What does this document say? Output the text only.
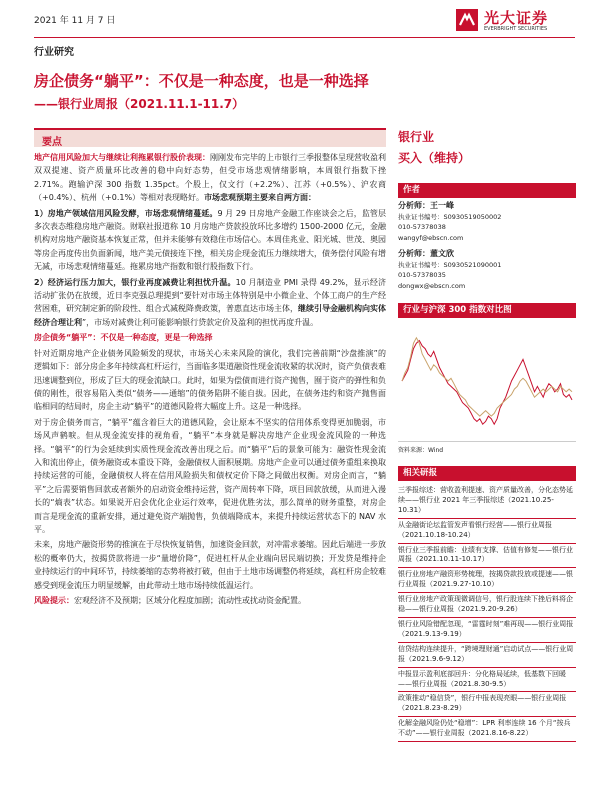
2021 年 11 月 7 日	光大证券
EVERBRIGHT SECURITIES
行业研究
房企债务“躺平”：不仅是一种态度，也是一种选择
——银行业周报（2021.11.1-11.7）
要点

地产信用风险加大与继续让利拖累银行股价表现：刚刚发布完毕的上市银行三季报整体呈现营收盈利双双提速、资产质量环比改善的稳中向好态势，但受市场悲观情绪影响，本周银行指数下挫 2.71%。跑输沪深 300 指数 1.35pct。个股上，仅文行（+2.2%）、江苏（+0.5%）、沪农商（+0.4%）、杭州（+0.1%）等相对表现略好。市场悲观预期主要来自两方面：

1）房地产领域信用风险发酵，市场悲观情绪蔓延。9 月 29 日房地产金融工作座谈会之后，监管层多次表态维稳房地产融资。财联社报道称 10 月房地产贷款投放环比多增约 1500-2000 亿元，金融机构对房地产融资基本恢复正常，但并未能够有效稳住市场信心。本周佳兆业、阳光城、世茂、奥园等房企再度传出负面新闻，地产美元债接连下挫，相关房企现金流压力继续增大，债务偿付风险有增无减，市场悲观情绪蔓延。拖累房地产指数和银行股指数下行。

2）经济运行压力加大，银行业再度减费让利担忧升温。10 月制造业 PMI 录得 49.2%，显示经济活动扩张仍在放缓，近日李克强总理提到“要针对市场主体特别是中小微企业、个体工商户的生产经营困难，研究制定新的阶段性、组合式减税降费政策，普惠直达市场主体，继续引导金融机构向实体经济合理让利”，市场对减费让利可能影响银行贷款定价及盈利的担忧再度升温。

房企债务“躺平”：不仅是一种态度，更是一种选择

针对近期房地产企业债务风险频发的现状，市场关心未来风险的演化，我们完善前期“沙盘推演”的逻辑如下：部分房企多年持续高杠杆运行，当面临多渠道融资性现金流收紧的状况时，资产负债表难迅速调整到位，形成了巨大的现金流缺口。此时，如果为偿债而进行资产抛售，囿于资产的弹性和负债的刚性，很容易陷入类似“债务——通缩”的债务陷阱不能自拔。因此，在债务违约和资产抛售面临相同的结局时，房企主动“躺平”的道德风险将大幅度上升。这是一种选择。

对于房企债务而言，“躺平”蕴含着巨大的道德风险，会让原本不坚实的信用体系变得更加脆弱，市场风声鹤唳。但从现金流安排的视角看，“躺平”本身就是解决房地产企业现金流风险的一种选择。“躺平”的行为会延续到实质性现金流改善出现之后。而“躺平”后的景象可能为：融资性现金流入和流出停止，债务融资或本重设下降，金融债权人面积展期。房地产企业可以通过债务重组来换取持续运营的可能，金融债权人将在信用风险损失和债权定价下降之间做出权衡。对房企而言，“躺平”之后需要销售回款或者额外的启动资金维持运营，资产周转率下降，项目回款放缓，从而进入漫长的“熵表”状态。如果说开启会优化企业运行效率，促进优胜劣汰，那么简单的财务重整，对房企而言是现金流的重新安排，通过避免资产端抛售，负债端降成本，来提升持续运营状态下的 NAV 水平。

未来，房地产融资形势的推演在于尽快恢复销售，加速资金回款，对冲需求萎缩。因此后端进一步放松的概率仍大，按揭贷款将进一步“量增价降”，促进杠杆从企业端向居民端切换；开发贷是维持企业持续运行的中间环节，持续萎缩的态势将被打破，但由于土地市场调整仍将延续，高杠杆房企较难感受到现金流压力明显缓解，由此带动土地市场持续低温运行。

风险提示：宏观经济不及预期；区域分化程度加剧；流动性或扰动资金配置。

银行业
买入（维持）
作者
分析师：王一峰
执业证书编号：S0930519050002
010-57378038
wangyf@ebscn.com
分析师：董文欣
执业证书编号：S0930521090001
010-57378035
dongwx@ebscn.com
行业与沪深 300 指数对比图
资料来源：Wind
相关研报
三季报综述：营收盈利提速、资产质量改善，分化态势延续——银行业 2021 年三季报综述（2021.10.25-10.31）
从金融街论坛监管发声看银行经营——银行业周报（2021.10.18-10.24）
银行业三季报前瞻：业绩有支撑、估值有修复——银行业周报（2021.10.11-10.17）
银行业房地产融资形势梳理，按揭贷款投放或提速——银行业周报（2021.9.27-10.10）
银行业房地产政策现微调信号，银行股连续下挫后料将企稳——银行业周报（2021.9.20-9.26）
银行业风险错配忽现，“雷霆时刻”难再现——银行业周报（2021.9.13-9.19）
信贷结构连续提升，“跨境理财通”启动试点——银行业周报（2021.9.6-9.12）
中报显示盈利底部回升：分化格局延续，低基数下回暖——银行业周报（2021.8.30-9.5）
政策推动“稳信贷”，银行中报表现亮眼——银行业周报（2021.8.23-8.29）
化解金融风险仍处“稳增”：LPR 利率连续 16 个月“按兵不动”——银行业周报（2021.8.16-8.22）
